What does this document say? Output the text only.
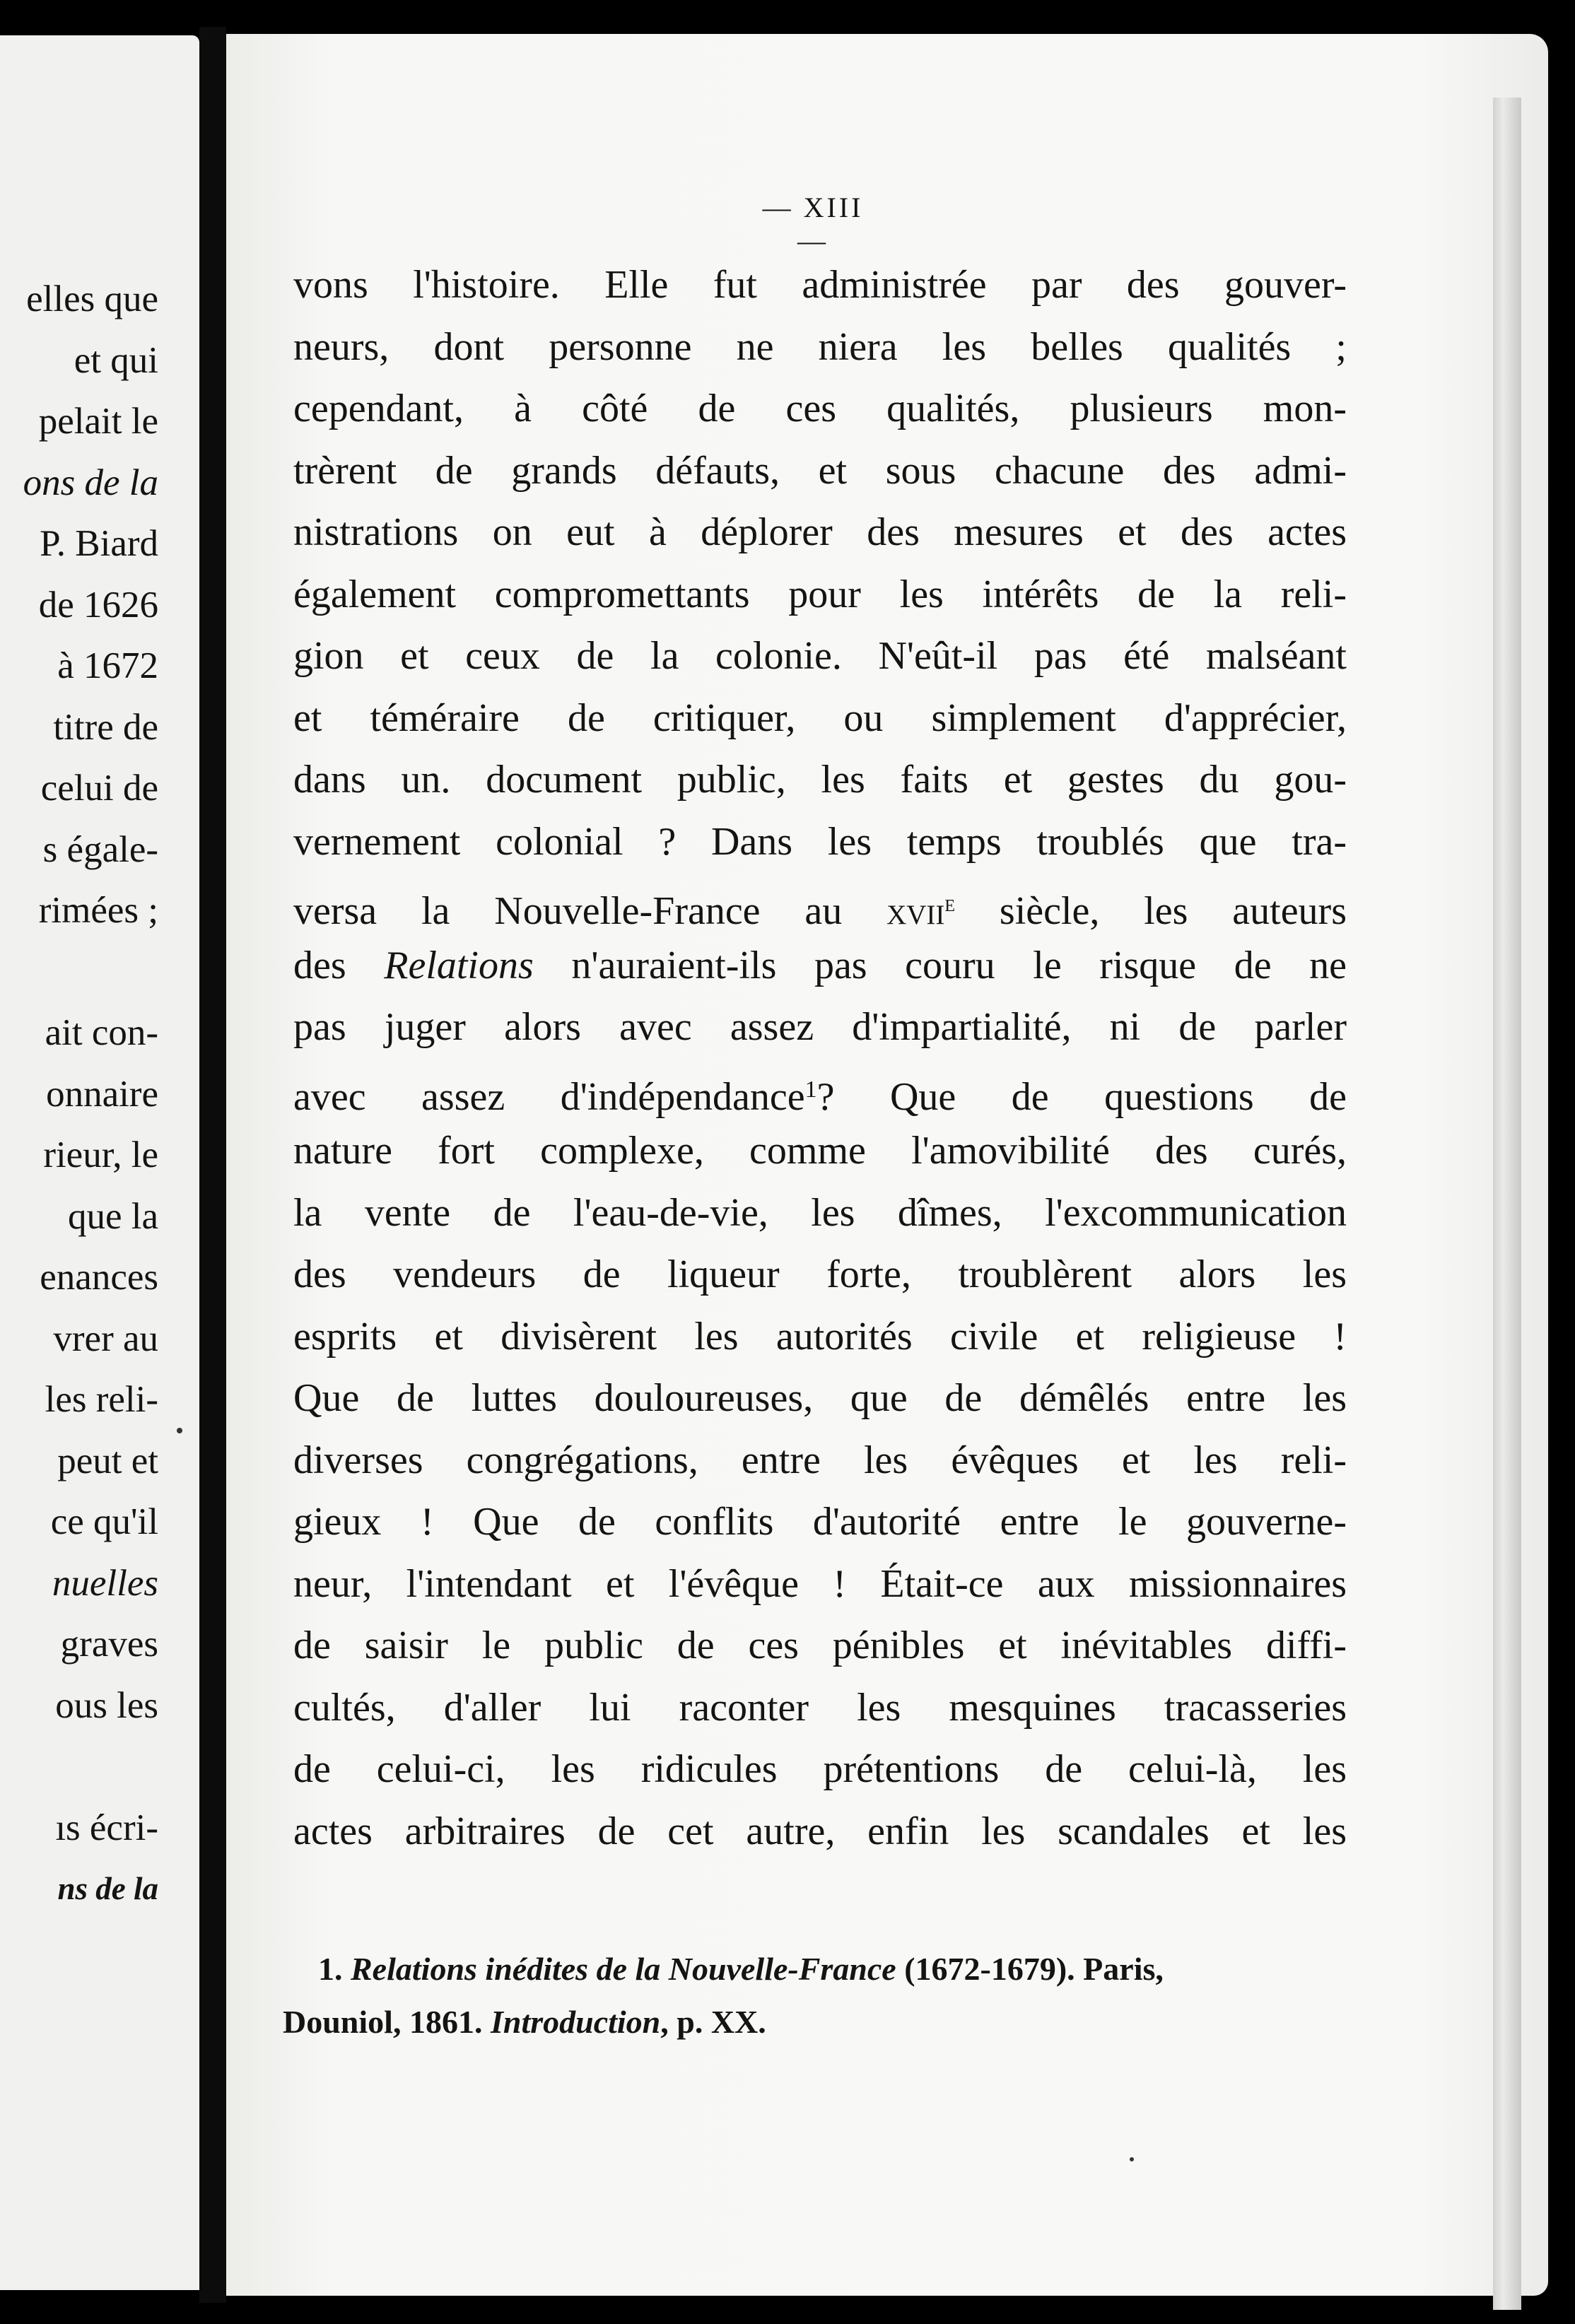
elles que
et qui
pelait le
ons de la
P. Biard
de 1626
à 1672
titre de
celui de
s égale-
rimées ;
ait con-
onnaire
rieur, le
que la
enances
vrer au
les reli-
peut et
ce qu'il
nuelles
graves
ous les
ıs écri-
ns de la
— XIII —
vons l'histoire. Elle fut administrée par des gouver-
neurs, dont personne ne niera les belles qualités ;
cependant, à côté de ces qualités, plusieurs mon-
trèrent de grands défauts, et sous chacune des admi-
nistrations on eut à déplorer des mesures et des actes
également compromettants pour les intérêts de la reli-
gion et ceux de la colonie. N'eût-il pas été malséant
et téméraire de critiquer, ou simplement d'apprécier,
dans un. document public, les faits et gestes du gou-
vernement colonial ? Dans les temps troublés que tra-
versa la Nouvelle-France au xvii$^e$ siècle, les auteurs
des Relations n'auraient-ils pas couru le risque de ne
pas juger alors avec assez d'impartialité, ni de parler
avec assez d'indépendance$^1$? Que de questions de
nature fort complexe, comme l'amovibilité des curés,
la vente de l'eau-de-vie, les dîmes, l'excommunication
des vendeurs de liqueur forte, troublèrent alors les
esprits et divisèrent les autorités civile et religieuse !
Que de luttes douloureuses, que de démêlés entre les
diverses congrégations, entre les évêques et les reli-
gieux ! Que de conflits d'autorité entre le gouverne-
neur, l'intendant et l'évêque ! Était-ce aux missionnaires
de saisir le public de ces pénibles et inévitables diffi-
cultés, d'aller lui raconter les mesquines tracasseries
de celui-ci, les ridicules prétentions de celui-là, les
actes arbitraires de cet autre, enfin les scandales et les
1. Relations inédites de la Nouvelle-France (1672-1679). Paris,
Douniol, 1861. Introduction, p. XX.
